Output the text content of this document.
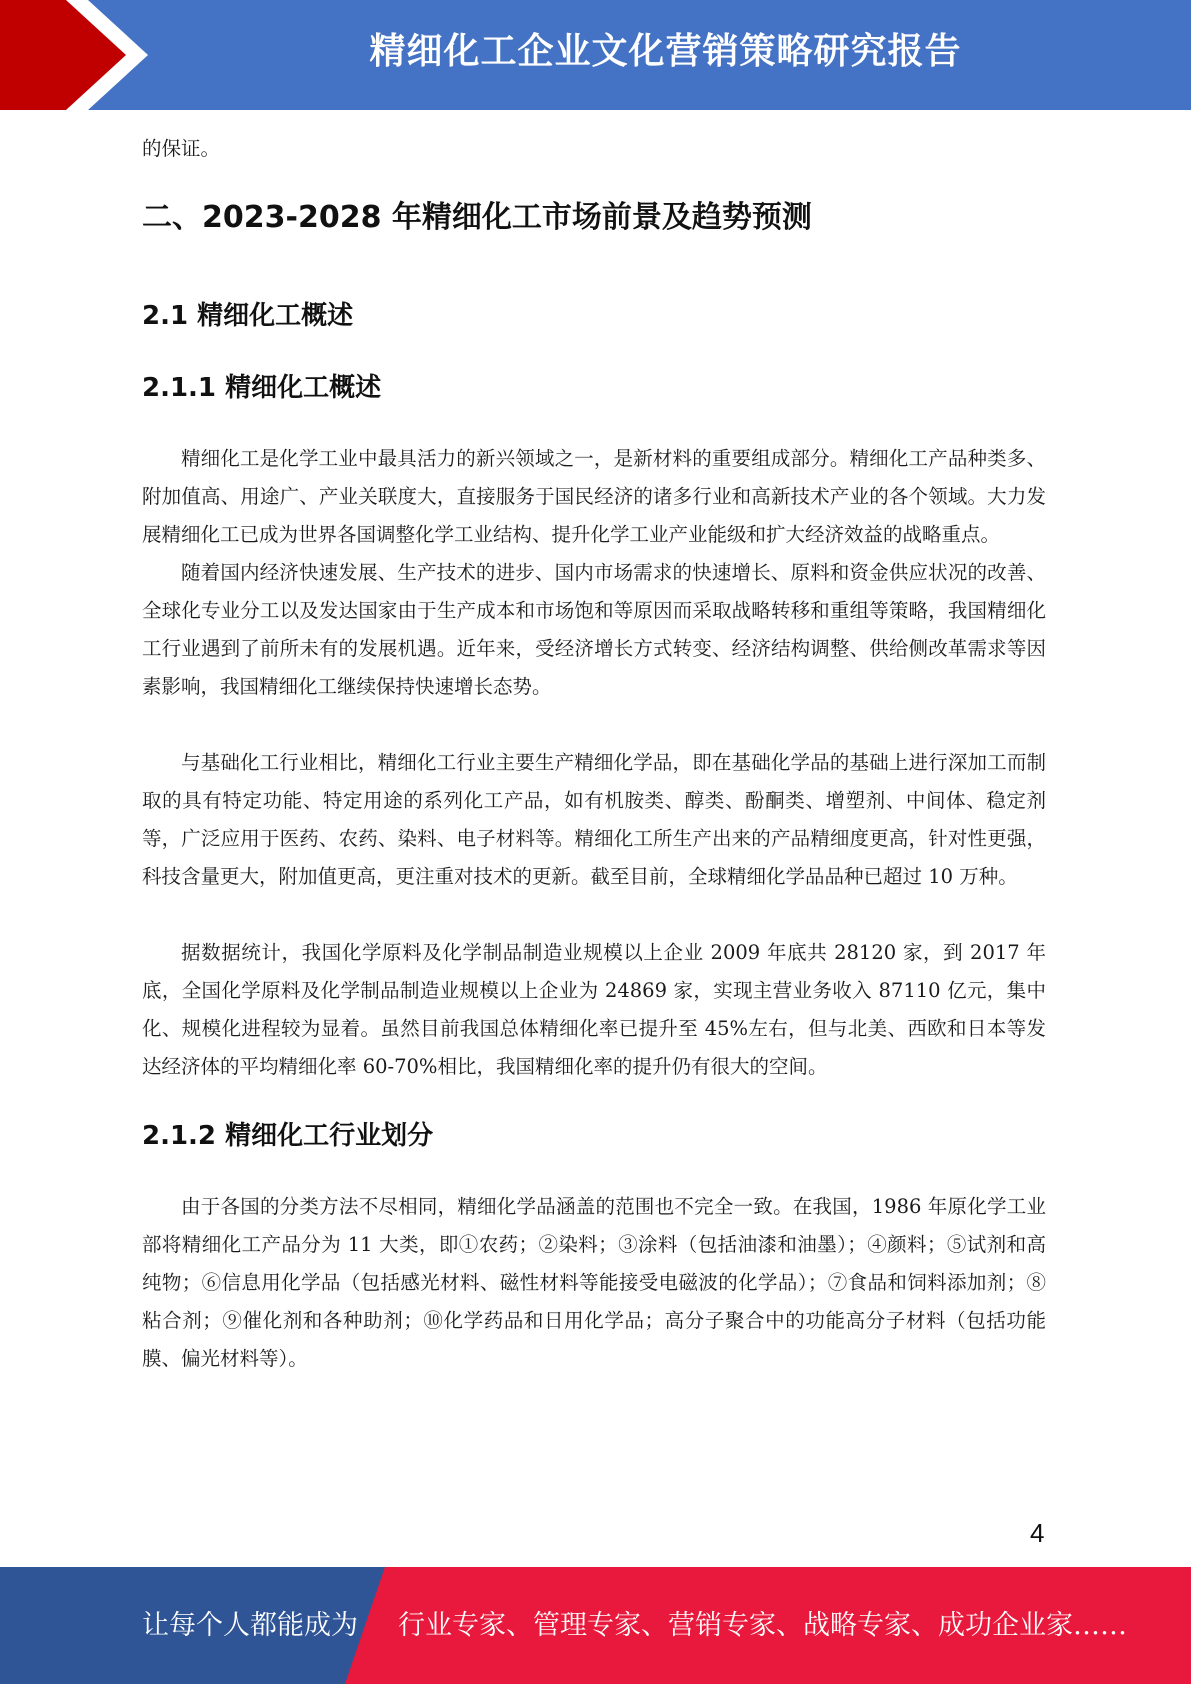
精细化工企业文化营销策略研究报告

的保证。

二、2023-2028 年精细化工市场前景及趋势预测
2.1 精细化工概述
2.1.1 精细化工概述

精细化工是化学工业中最具活力的新兴领域之一，是新材料的重要组成部分。精细化工产品种类多、附加值高、用途广、产业关联度大，直接服务于国民经济的诸多行业和高新技术产业的各个领域。大力发展精细化工已成为世界各国调整化学工业结构、提升化学工业产业能级和扩大经济效益的战略重点。

随着国内经济快速发展、生产技术的进步、国内市场需求的快速增长、原料和资金供应状况的改善、全球化专业分工以及发达国家由于生产成本和市场饱和等原因而采取战略转移和重组等策略，我国精细化工行业遇到了前所未有的发展机遇。近年来，受经济增长方式转变、经济结构调整、供给侧改革需求等因素影响，我国精细化工继续保持快速增长态势。

与基础化工行业相比，精细化工行业主要生产精细化学品，即在基础化学品的基础上进行深加工而制取的具有特定功能、特定用途的系列化工产品，如有机胺类、醇类、酚酮类、增塑剂、中间体、稳定剂等，广泛应用于医药、农药、染料、电子材料等。精细化工所生产出来的产品精细度更高，针对性更强，科技含量更大，附加值更高，更注重对技术的更新。截至目前，全球精细化学品品种已超过 10 万种。

据数据统计，我国化学原料及化学制品制造业规模以上企业 2009 年底共 28120 家，到 2017 年底，全国化学原料及化学制品制造业规模以上企业为 24869 家，实现主营业务收入 87110 亿元，集中化、规模化进程较为显着。虽然目前我国总体精细化率已提升至 45%左右，但与北美、西欧和日本等发达经济体的平均精细化率 60-70%相比，我国精细化率的提升仍有很大的空间。

2.1.2 精细化工行业划分

由于各国的分类方法不尽相同，精细化学品涵盖的范围也不完全一致。在我国，1986 年原化学工业部将精细化工产品分为 11 大类，即①农药；②染料；③涂料（包括油漆和油墨）；④颜料；⑤试剂和高纯物；⑥信息用化学品（包括感光材料、磁性材料等能接受电磁波的化学品）；⑦食品和饲料添加剂；⑧粘合剂；⑨催化剂和各种助剂；⑩化学药品和日用化学品；高分子聚合中的功能高分子材料（包括功能膜、偏光材料等）。

4
让每个人都能成为 行业专家、管理专家、营销专家、战略专家、成功企业家……
